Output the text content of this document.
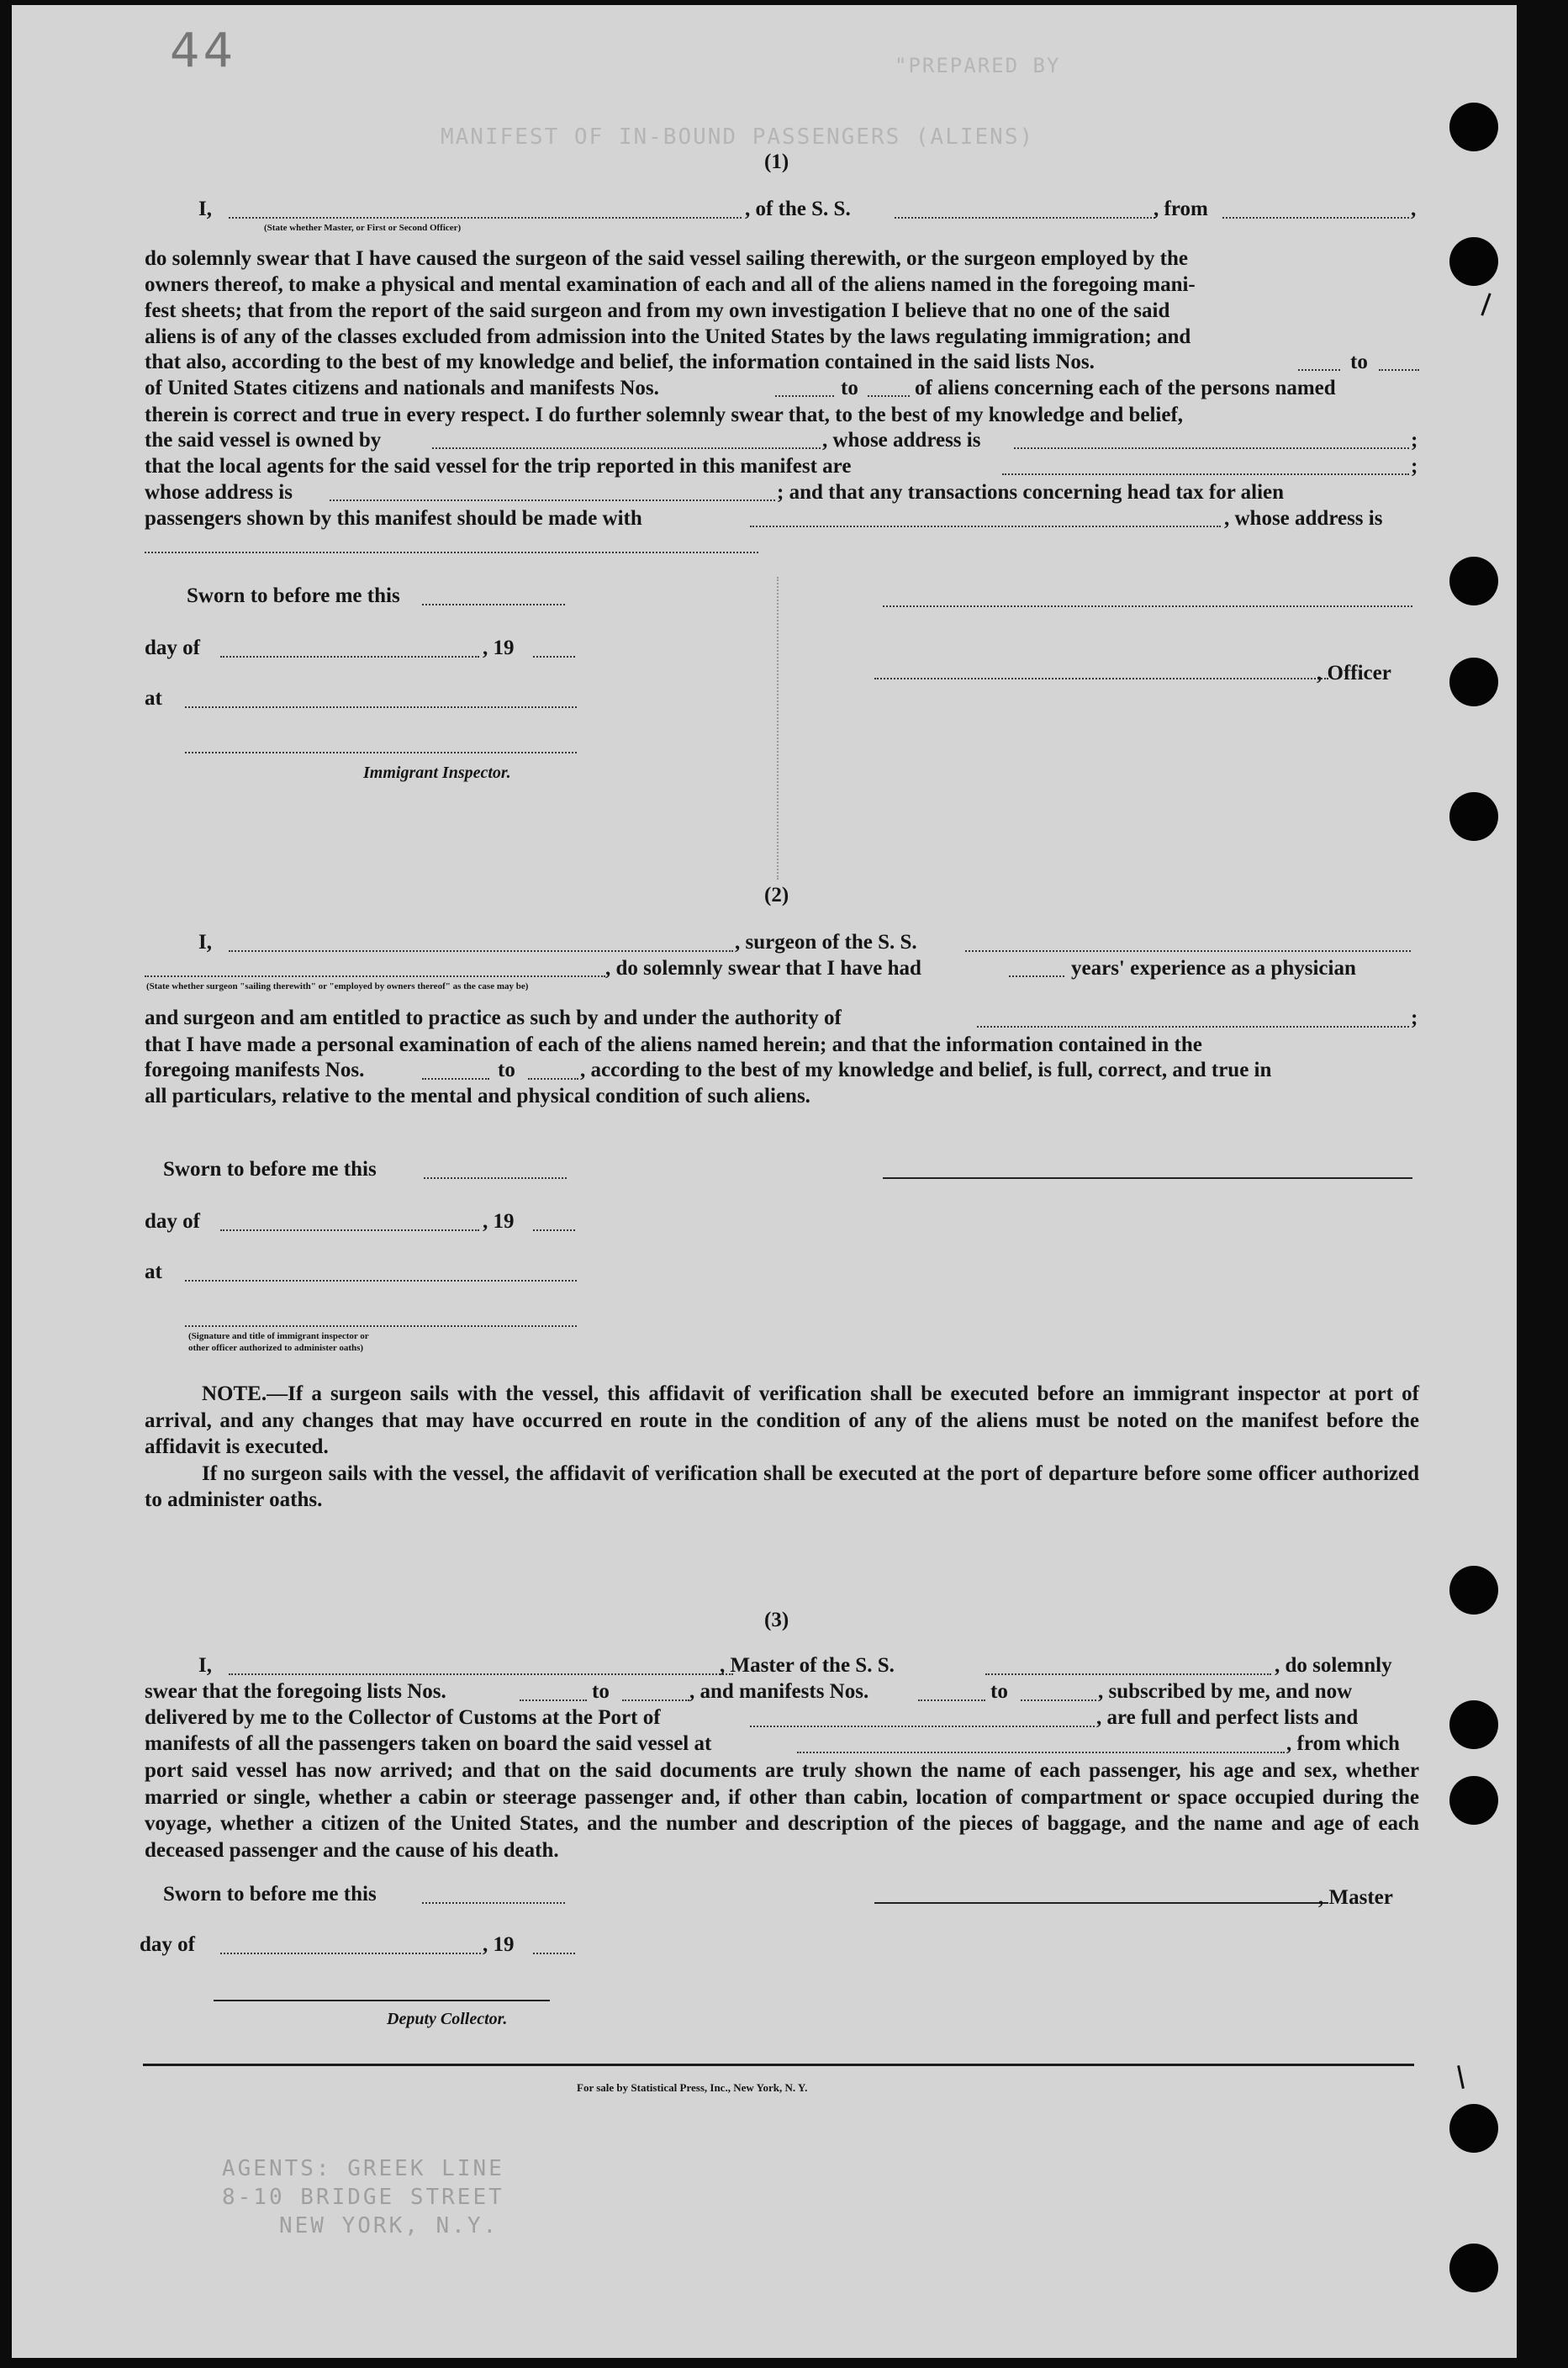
44	"PREPARED BY

MANIFEST OF IN-BOUND PASSENGERS (ALIENS)

(1)

I,	, of the S. S.	, from	,

(State whether Master, or First or Second Officer)

do solemnly swear that I have caused the surgeon of the said vessel sailing therewith, or the surgeon employed by the

owners thereof, to make a physical and mental examination of each and all of the aliens named in the foregoing mani-

fest sheets; that from the report of the said surgeon and from my own investigation I believe that no one of the said

aliens is of any of the classes excluded from admission into the United States by the laws regulating immigration; and

that also, according to the best of my knowledge and belief, the information contained in the said lists Nos.	to

of United States citizens and nationals and manifests Nos.	to	of aliens concerning each of the persons named

therein is correct and true in every respect. I do further solemnly swear that, to the best of my knowledge and belief,

the said vessel is owned by	, whose address is	;

that the local agents for the said vessel for the trip reported in this manifest are	;

whose address is	; and that any transactions concerning head tax for alien

passengers shown by this manifest should be made with	, whose address is

Sworn to before me this

day of	, 19

, Officer

at

Immigrant Inspector.

(2)

I,	, surgeon of the S. S.

, do solemnly swear that I have had	years' experience as a physician

(State whether surgeon "sailing therewith" or "employed by owners thereof" as the case may be)

and surgeon and am entitled to practice as such by and under the authority of	;

that I have made a personal examination of each of the aliens named herein; and that the information contained in the

foregoing manifests Nos.	to	, according to the best of my knowledge and belief, is full, correct, and true in

all particulars, relative to the mental and physical condition of such aliens.

Sworn to before me this

day of	, 19

at

(Signature and title of immigrant inspector or

other officer authorized to administer oaths)

NOTE.—If a surgeon sails with the vessel, this affidavit of verification shall be executed before an immigrant inspector at port of arrival, and any changes that may have occurred en route in the condition of any of the aliens must be noted on the manifest before the affidavit is executed.
If no surgeon sails with the vessel, the affidavit of verification shall be executed at the port of departure before some officer authorized to administer oaths.

(3)

I,	, Master of the S. S.	, do solemnly

swear that the foregoing lists Nos.	to	, and manifests Nos.	to	, subscribed by me, and now

delivered by me to the Collector of Customs at the Port of	, are full and perfect lists and

manifests of all the passengers taken on board the said vessel at	, from which

port said vessel has now arrived; and that on the said documents are truly shown the name of each passenger, his age and sex, whether married or single, whether a cabin or steerage passenger and, if other than cabin, location of compartment or space occupied during the voyage, whether a citizen of the United States, and the number and description of the pieces of baggage, and the name and age of each deceased passenger and the cause of his death.

Sworn to before me this	, Master

day of	, 19

Deputy Collector.

For sale by Statistical Press, Inc., New York, N. Y.

AGENTS: GREEK LINE

8-10 BRIDGE STREET

NEW YORK, N.Y.
